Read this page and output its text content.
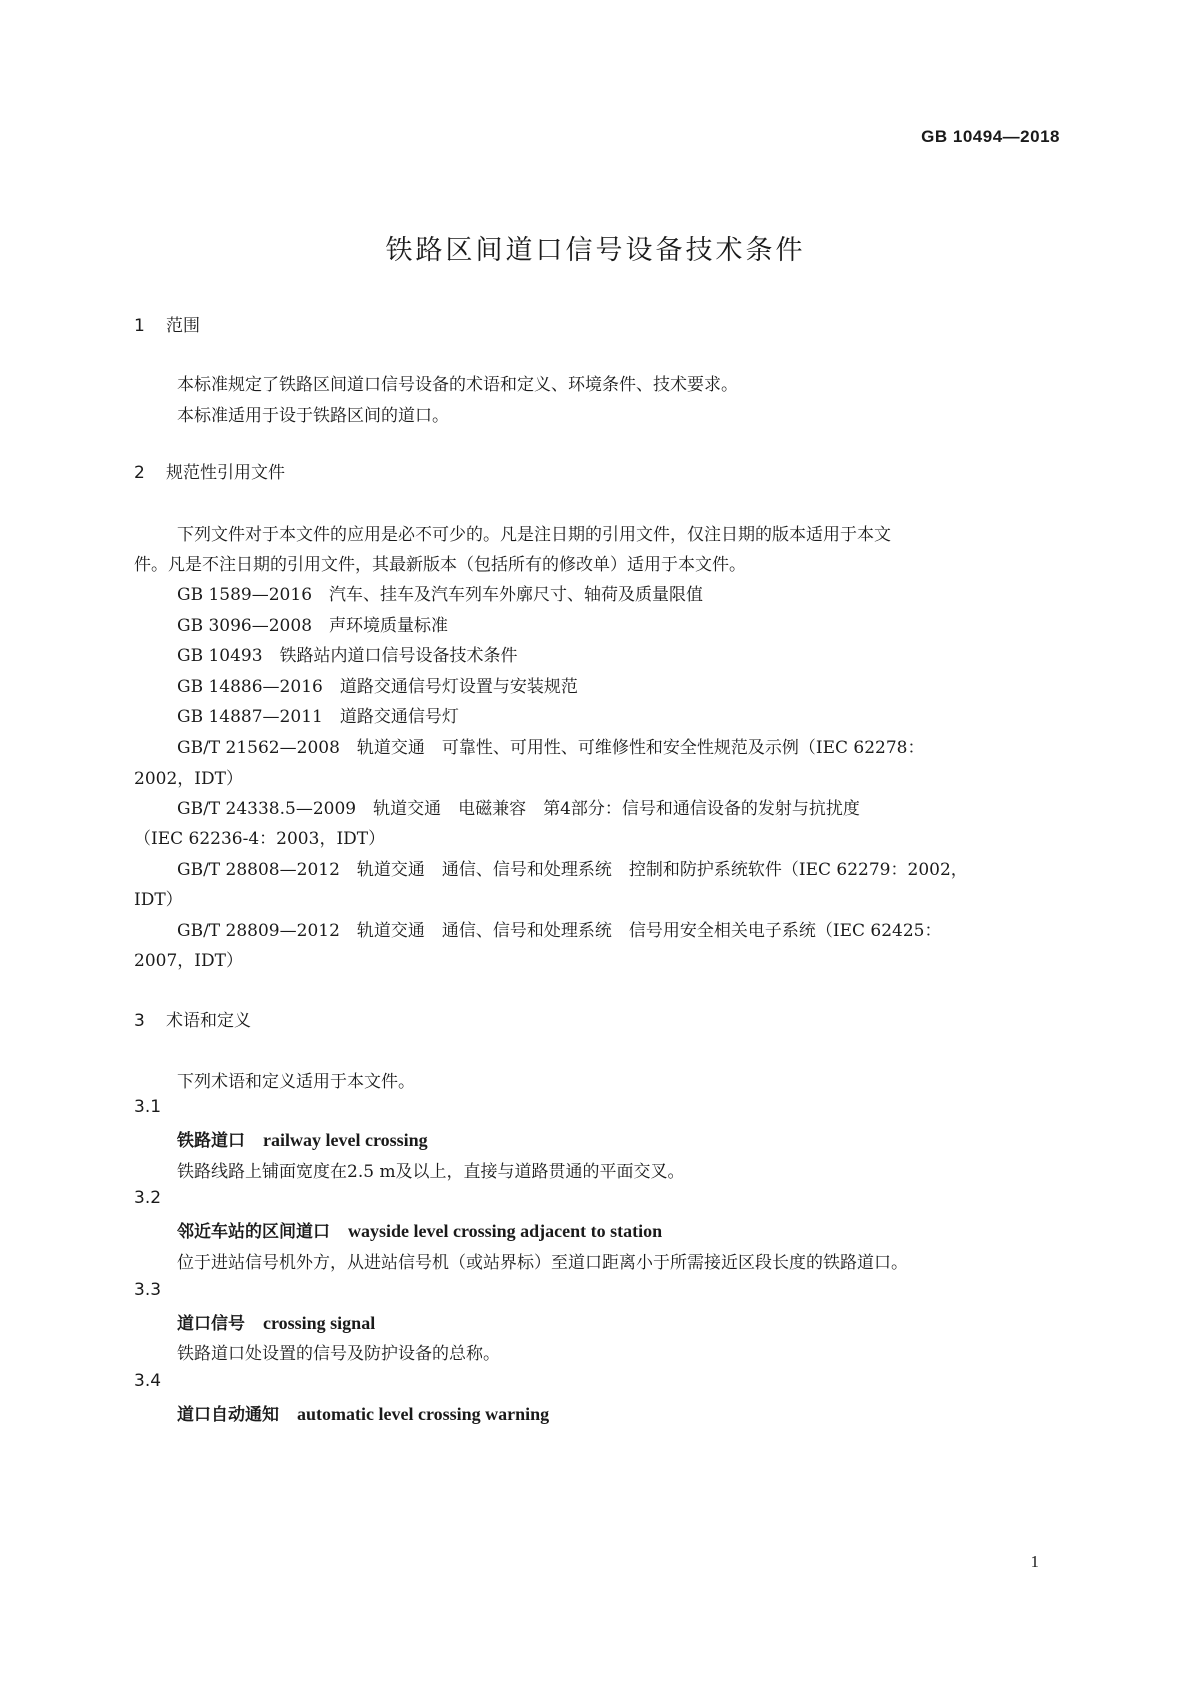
GB 10494—2018
铁路区间道口信号设备技术条件
1 范围
本标准规定了铁路区间道口信号设备的术语和定义、环境条件、技术要求。
本标准适用于设于铁路区间的道口。
2 规范性引用文件
下列文件对于本文件的应用是必不可少的。凡是注日期的引用文件，仅注日期的版本适用于本文
件。凡是不注日期的引用文件，其最新版本（包括所有的修改单）适用于本文件。
GB 1589—2016　汽车、挂车及汽车列车外廓尺寸、轴荷及质量限值
GB 3096—2008　声环境质量标准
GB 10493　铁路站内道口信号设备技术条件
GB 14886—2016　道路交通信号灯设置与安装规范
GB 14887—2011　道路交通信号灯
GB/T 21562—2008　轨道交通　可靠性、可用性、可维修性和安全性规范及示例（IEC 62278：
2002，IDT）
GB/T 24338.5—2009　轨道交通　电磁兼容　第4部分：信号和通信设备的发射与抗扰度
（IEC 62236-4：2003，IDT）
GB/T 28808—2012　轨道交通　通信、信号和处理系统　控制和防护系统软件（IEC 62279：2002，
IDT）
GB/T 28809—2012　轨道交通　通信、信号和处理系统　信号用安全相关电子系统（IEC 62425：
2007，IDT）
3 术语和定义
下列术语和定义适用于本文件。
3.1
铁路道口 railway level crossing
铁路线路上铺面宽度在2.5 m及以上，直接与道路贯通的平面交叉。
3.2
邻近车站的区间道口 wayside level crossing adjacent to station
位于进站信号机外方，从进站信号机（或站界标）至道口距离小于所需接近区段长度的铁路道口。
3.3
道口信号 crossing signal
铁路道口处设置的信号及防护设备的总称。
3.4
道口自动通知 automatic level crossing warning
1
